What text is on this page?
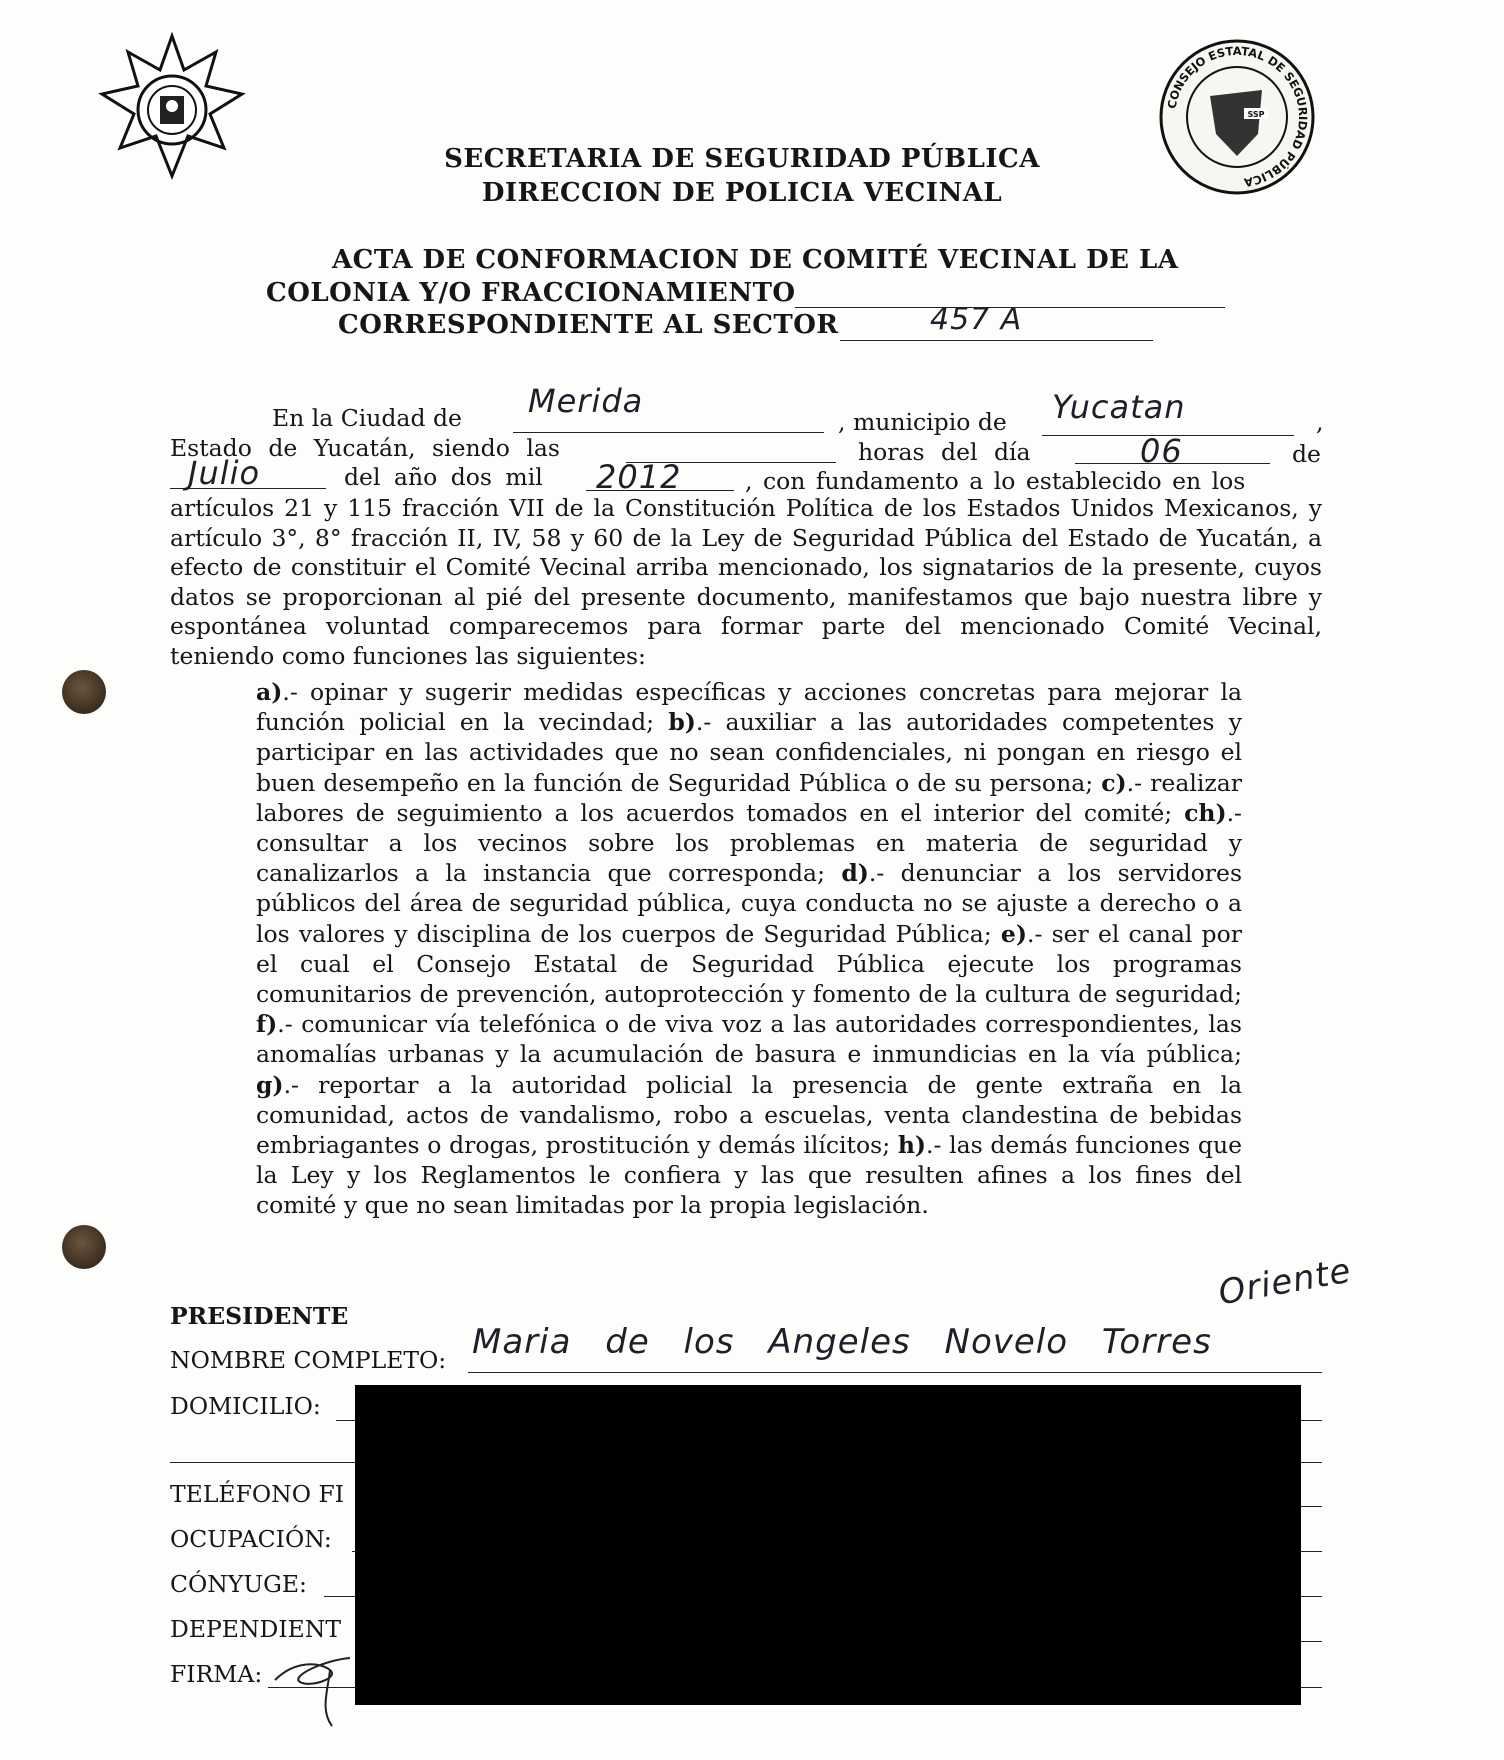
CONSEJO ESTATAL DE SEGURIDAD PÚBLICA
SSP
SECRETARIA DE SEGURIDAD PÚBLICA
DIRECCION DE POLICIA VECINAL
ACTA DE CONFORMACION DE COMITÉ VECINAL DE LA
COLONIA Y/O FRACCIONAMIENTO
CORRESPONDIENTE AL SECTOR	457 A
En la Ciudad de Merida
, municipio de Yucatan	,
Estado de Yucatán, siendo las	horas del día	06	de
Julio	del año dos mil 2012	, con fundamento a lo establecido en los
artículos 21 y 115 fracción VII de la Constitución Política de los Estados Unidos Mexicanos, y artículo 3°, 8° fracción II, IV, 58 y 60 de la Ley de Seguridad Pública del Estado de Yucatán, a efecto de constituir el Comité Vecinal arriba mencionado, los signatarios de la presente, cuyos datos se proporcionan al pié del presente documento, manifestamos que bajo nuestra libre y espontánea voluntad comparecemos para formar parte del mencionado Comité Vecinal, teniendo como funciones las siguientes:
a).- opinar y sugerir medidas específicas y acciones concretas para mejorar la función policial en la vecindad; b).- auxiliar a las autoridades competentes y participar en las actividades que no sean confidenciales, ni pongan en riesgo el buen desempeño en la función de Seguridad Pública o de su persona; c).- realizar labores de seguimiento a los acuerdos tomados en el interior del comité; ch).- consultar a los vecinos sobre los problemas en materia de seguridad y canalizarlos a la instancia que corresponda; d).- denunciar a los servidores públicos del área de seguridad pública, cuya conducta no se ajuste a derecho o a los valores y disciplina de los cuerpos de Seguridad Pública; e).- ser el canal por el cual el Consejo Estatal de Seguridad Pública ejecute los programas comunitarios de prevención, autoprotección y fomento de la cultura de seguridad; f).- comunicar vía telefónica o de viva voz a las autoridades correspondientes, las anomalías urbanas y la acumulación de basura e inmundicias en la vía pública; g).- reportar a la autoridad policial la presencia de gente extraña en la comunidad, actos de vandalismo, robo a escuelas, venta clandestina de bebidas embriagantes o drogas, prostitución y demás ilícitos; h).- las demás funciones que la Ley y los Reglamentos le confiera y las que resulten afines a los fines del comité y que no sean limitadas por la propia legislación.
PRESIDENTE
Oriente
NOMBRE COMPLETO: Maria de los Angeles Novelo Torres
DOMICILIO:
TELÉFONO FI
OCUPACIÓN:
CÓNYUGE:
DEPENDIENT
FIRMA:
